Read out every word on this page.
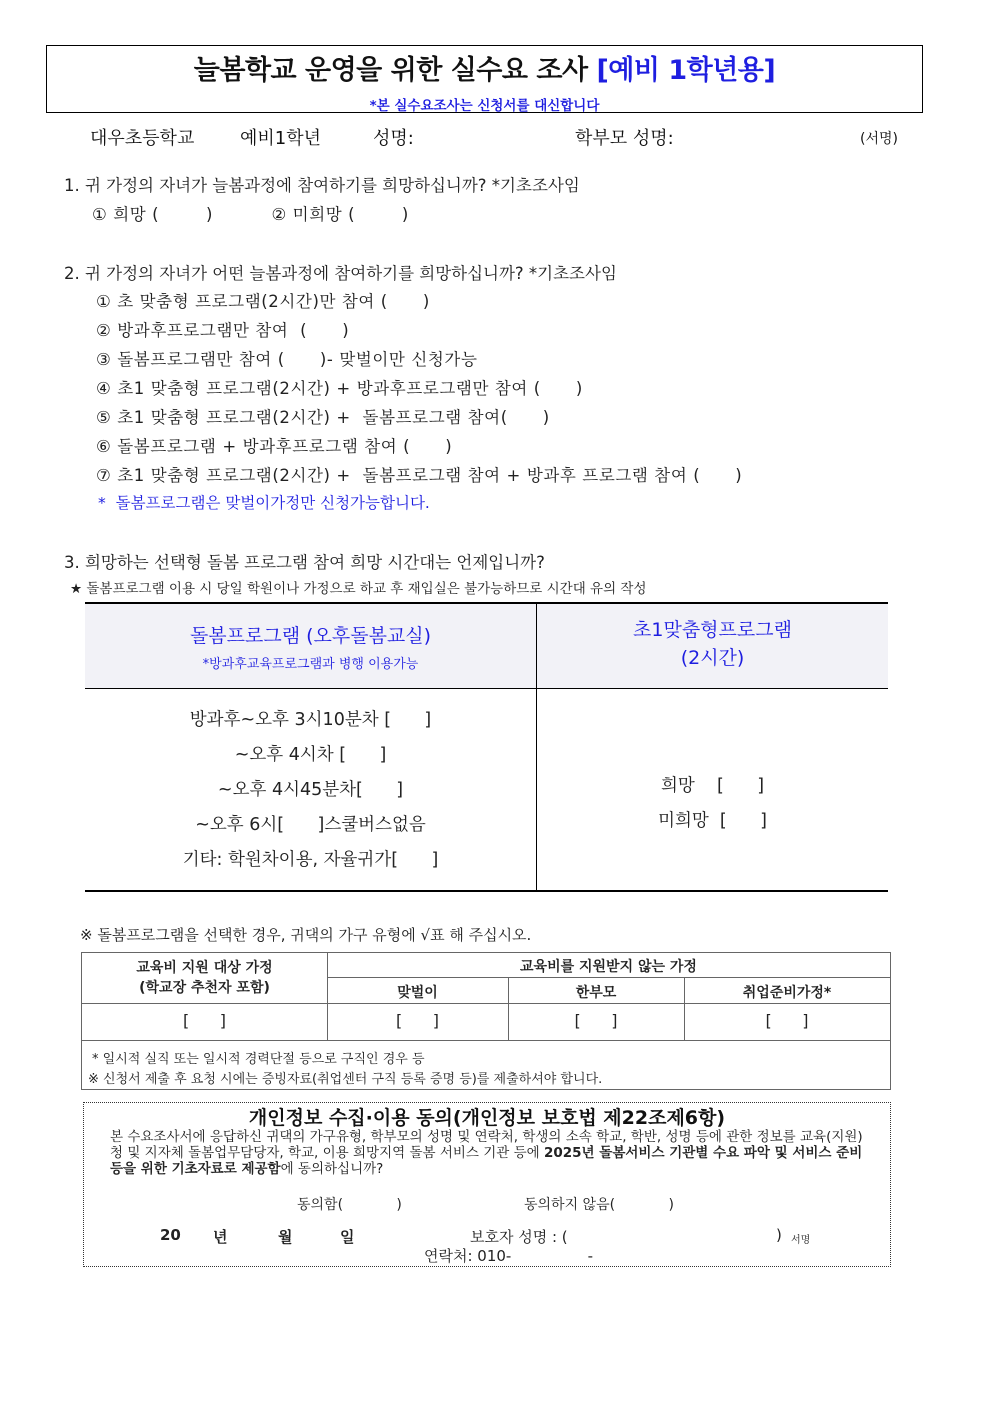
늘봄학교 운영을 위한 실수요 조사 [예비 1학년용]
*본 실수요조사는 신청서를 대신합니다
대우초등학교	예비1학년	성명:	학부모 성명:	(서명)
1. 귀 가정의 자녀가 늘봄과정에 참여하기를 희망하십니까? *기초조사임
① 희망 (        )          ② 미희망 (        )
2. 귀 가정의 자녀가 어떤 늘봄과정에 참여하기를 희망하십니까? *기초조사임
① 초 맞춤형 프로그램(2시간)만 참여 (      )
② 방과후프로그램만 참여  (      )
③ 돌봄프로그램만 참여 (      )- 맞벌이만 신청가능
④ 초1 맞춤형 프로그램(2시간) + 방과후프로그램만 참여 (      )
⑤ 초1 맞춤형 프로그램(2시간) +  돌봄프로그램 참여(      )
⑥ 돌봄프로그램 + 방과후프로그램 참여 (      )
⑦ 초1 맞춤형 프로그램(2시간) +  돌봄프로그램 참여 + 방과후 프로그램 참여 (      )
*  돌봄프로그램은 맞벌이가정만 신청가능합니다.
3. 희망하는 선택형 돌봄 프로그램 참여 희망 시간대는 언제입니까?
★ 돌봄프로그램 이용 시 당일 학원이나 가정으로 하교 후 재입실은 불가능하므로 시간대 유의 작성
돌봄프로그램 (오후돌봄교실)
*방과후교육프로그램과 병행 이용가능
초1맞춤형프로그램
(2시간)
방과후~오후 3시10분차 [      ]
~오후 4시차 [      ]
~오후 4시45분차[      ]
~오후 6시[      ]스쿨버스없음
기타: 학원차이용, 자율귀가[      ]
희망    [      ]
미희망  [      ]
※ 돌봄프로그램을 선택한 경우, 귀댁의 가구 유형에 √표 해 주십시오.
교육비 지원 대상 가정
(학교장 추천자 포함)
교육비를 지원받지 않는 가정
맞벌이	한부모	취업준비가정*
[      ]	[      ]	[      ]	[      ]
* 일시적 실직 또는 일시적 경력단절 등으로 구직인 경우 등
※ 신청서 제출 후 요청 시에는 증빙자료(취업센터 구직 등록 증명 등)를 제출하셔야 합니다.
개인정보 수집·이용 동의(개인정보 보호법 제22조제6항)
본 수요조사서에 응답하신 귀댁의 가구유형, 학부모의 성명 및 연락처, 학생의 소속 학교, 학반, 성명 등에 관한 정보를 교육(지원)청 및 지자체 돌봄업무담당자, 학교, 이용 희망지역 돌봄 서비스 기관 등에 2025년 돌봄서비스 기관별 수요 파악 및 서비스 준비 등을 위한 기초자료로 제공함에 동의하십니까?
동의함(            )	동의하지 않음(            )
20 년	월	일	보호자 성명 : (	) 서명
연락처: 010-                -
